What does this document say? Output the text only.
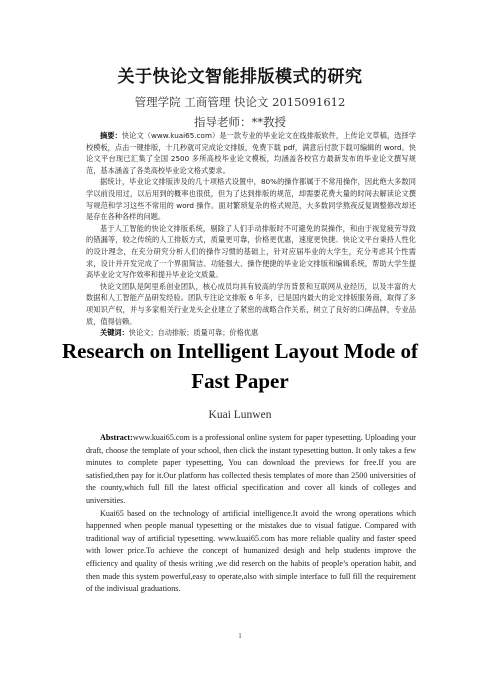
关于快论文智能排版模式的研究
管理学院 工商管理 快论文 2015091612
指导老师：**教授

摘要：快论文（www.kuai65.com）是一款专业的毕业论文在线排版软件，上传论文草稿，选择学校模板，点击一键排版，十几秒就可完成论文排版，免费下载 pdf，满意后付款下载可编辑的 word。快论文平台现已汇集了全国 2500 多所高校毕业论文模板，均涵盖各校官方最新发布的毕业论文撰写规范，基本涵盖了各类高校毕业论文格式要求。

据统计，毕业论文排版涉及的几十项格式设置中，80%的操作都属于不常用操作，因此绝大多数同学以前没用过，以后用到的概率也很低，但为了达到排版的规范，却需要花费大量的时间去解读论文撰写规范和学习这些不常用的 word 操作。面对繁琐复杂的格式规范，大多数同学熬夜反复调整修改却还是存在各种各样的问题。

基于人工智能的快论文排版系统，剔除了人们手动排版时不可避免的误操作，和由于视觉疲劳导致的错漏等，较之传统的人工排版方式，质量更可靠，价格更优惠，速度更快捷。快论文平台秉持人性化的设计理念，在充分研究分析人们的操作习惯的基础上，针对应届毕业的大学生，充分考虑其个性需求，设计并开发完成了一个界面简洁、功能强大、操作便捷的毕业论文排版和编辑系统，帮助大学生提高毕业论文写作效率和提升毕业论文质量。

快论文团队是阿里系创业团队，核心成员均具有较高的学历背景和互联网从业经历，以及丰富的大数据和人工智能产品研发经验。团队专注论文排版 6 年多，已是国内最大的论文排版服务商，取得了多项知识产权，并与多家相关行业龙头企业建立了紧密的战略合作关系，树立了良好的口碑品牌，专业品质，值得信赖。

关键词：快论文；自动排版；质量可靠；价格优惠

Research on Intelligent Layout Mode of Fast Paper
Kuai Lunwen

Abstract:www.kuai65.com is a professional online system for paper typesetting. Uploading your draft, choose the template of your school, then click the instant typesetting button. It only takes a few minutes to complete paper typesetting, You can download the previews for free.If you are satisfied,then pay for it.Our platform has collected thesis templates of more than 2500 universities of the county,which full fill the latest official specification and cover all kinds of colleges and universities.

Kuai65 based on the technology of artificial intelligence.It avoid the wrong operations which happenned when people manual typesetting or the mistakes due to visual fatigue. Compared with traditional way of artificial typesetting. www.kuai65.com has more reliable quality and faster speed with lower price.To achieve the concept of humanized desigh and help students improve the efficiency and quality of thesis writing ,we did reserch on the habits of people’s operation habit, and then made this system powerful,easy to operate,also with simple interface to full fill the requirement of the indivisual graduations.

1
